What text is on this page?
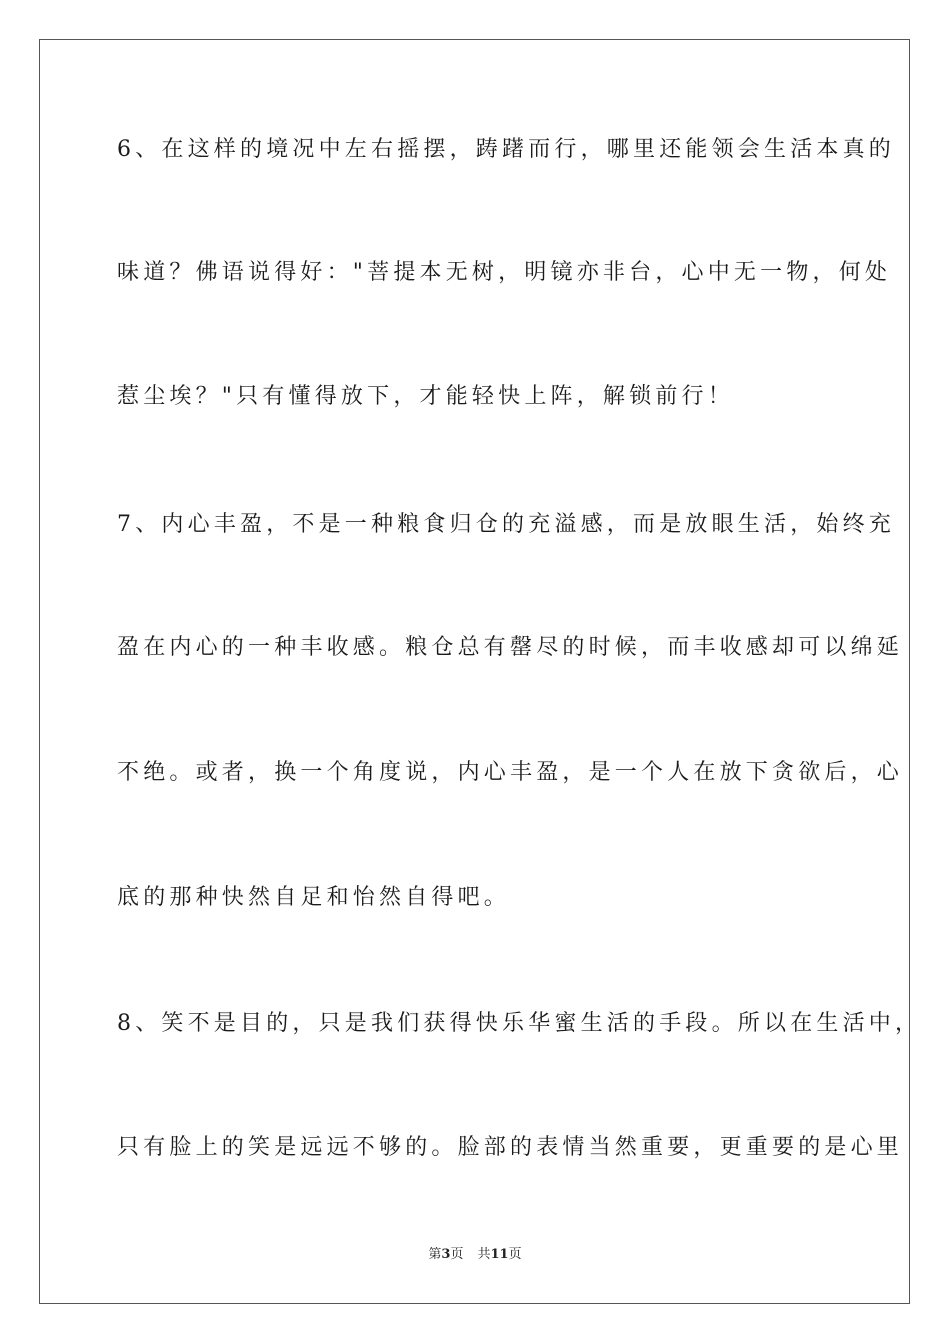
6、在这样的境况中左右摇摆，踌躇而行，哪里还能领会生活本真的
味道？佛语说得好："菩提本无树，明镜亦非台，心中无一物，何处
惹尘埃？"只有懂得放下，才能轻快上阵，解锁前行！
7、内心丰盈，不是一种粮食归仓的充溢感，而是放眼生活，始终充
盈在内心的一种丰收感。粮仓总有罄尽的时候，而丰收感却可以绵延
不绝。或者，换一个角度说，内心丰盈，是一个人在放下贪欲后，心
底的那种快然自足和怡然自得吧。
8、笑不是目的，只是我们获得快乐华蜜生活的手段。所以在生活中，
只有脸上的笑是远远不够的。脸部的表情当然重要，更重要的是心里
第3页 共11页
